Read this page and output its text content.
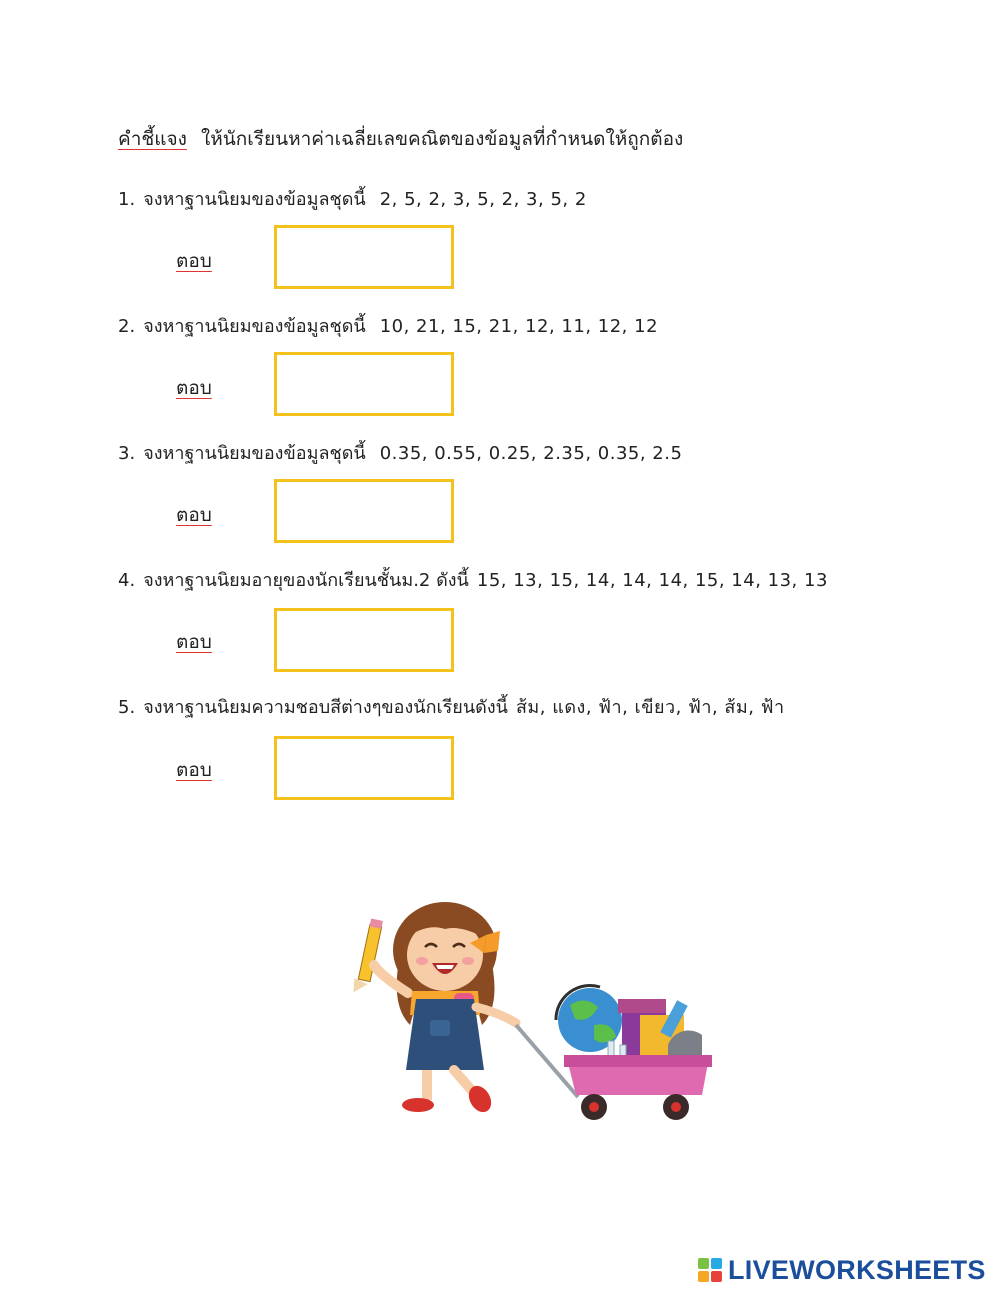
คำชี้แจง ให้นักเรียนหาค่าเฉลี่ยเลขคณิตของข้อมูลที่กำหนดให้ถูกต้อง
1. จงหาฐานนิยมของข้อมูลชุดนี้ 2, 5, 2, 3, 5, 2, 3, 5, 2
ตอบ
2. จงหาฐานนิยมของข้อมูลชุดนี้ 10, 21, 15, 21, 12, 11, 12, 12
ตอบ
3. จงหาฐานนิยมของข้อมูลชุดนี้ 0.35, 0.55, 0.25, 2.35, 0.35, 2.5
ตอบ
4. จงหาฐานนิยมอายุของนักเรียนชั้นม.2 ดังนี้ 15, 13, 15, 14, 14, 14, 15, 14, 13, 13
ตอบ
5. จงหาฐานนิยมความชอบสีต่างๆของนักเรียนดังนี้ ส้ม, แดง, ฟ้า, เขียว, ฟ้า, ส้ม, ฟ้า
ตอบ
LIVEWORKSHEETS
